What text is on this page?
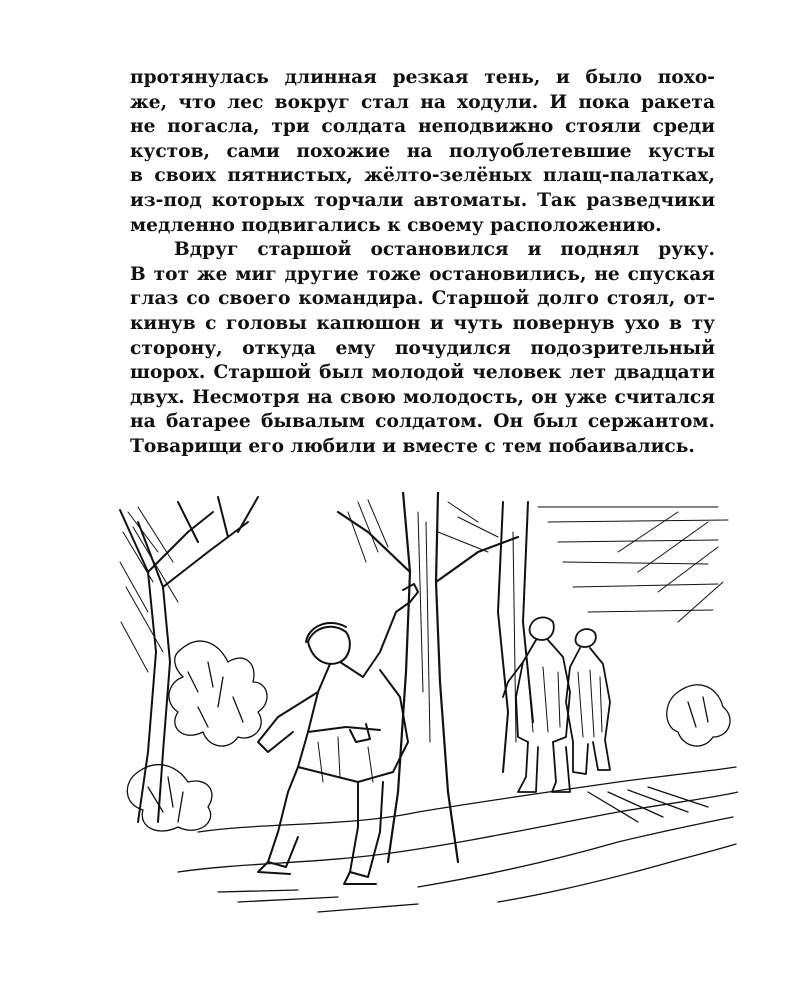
протянулась длинная резкая тень, и было похо-
же, что лес вокруг стал на ходули. И пока ракета
не погасла, три солдата неподвижно стояли среди
кустов, сами похожие на полуоблетевшие кусты
в своих пятнистых, жёлто-зелёных плащ-палатках,
из-под которых торчали автоматы. Так разведчики
медленно подвигались к своему расположению.
Вдруг старшой остановился и поднял руку.
В тот же миг другие тоже остановились, не спуская
глаз со своего командира. Старшой долго стоял, от-
кинув с головы капюшон и чуть повернув ухо в ту
сторону, откуда ему почудился подозрительный
шорох. Старшой был молодой человек лет двадцати
двух. Несмотря на свою молодость, он уже считался
на батарее бывалым солдатом. Он был сержантом.
Товарищи его любили и вместе с тем побаивались.
